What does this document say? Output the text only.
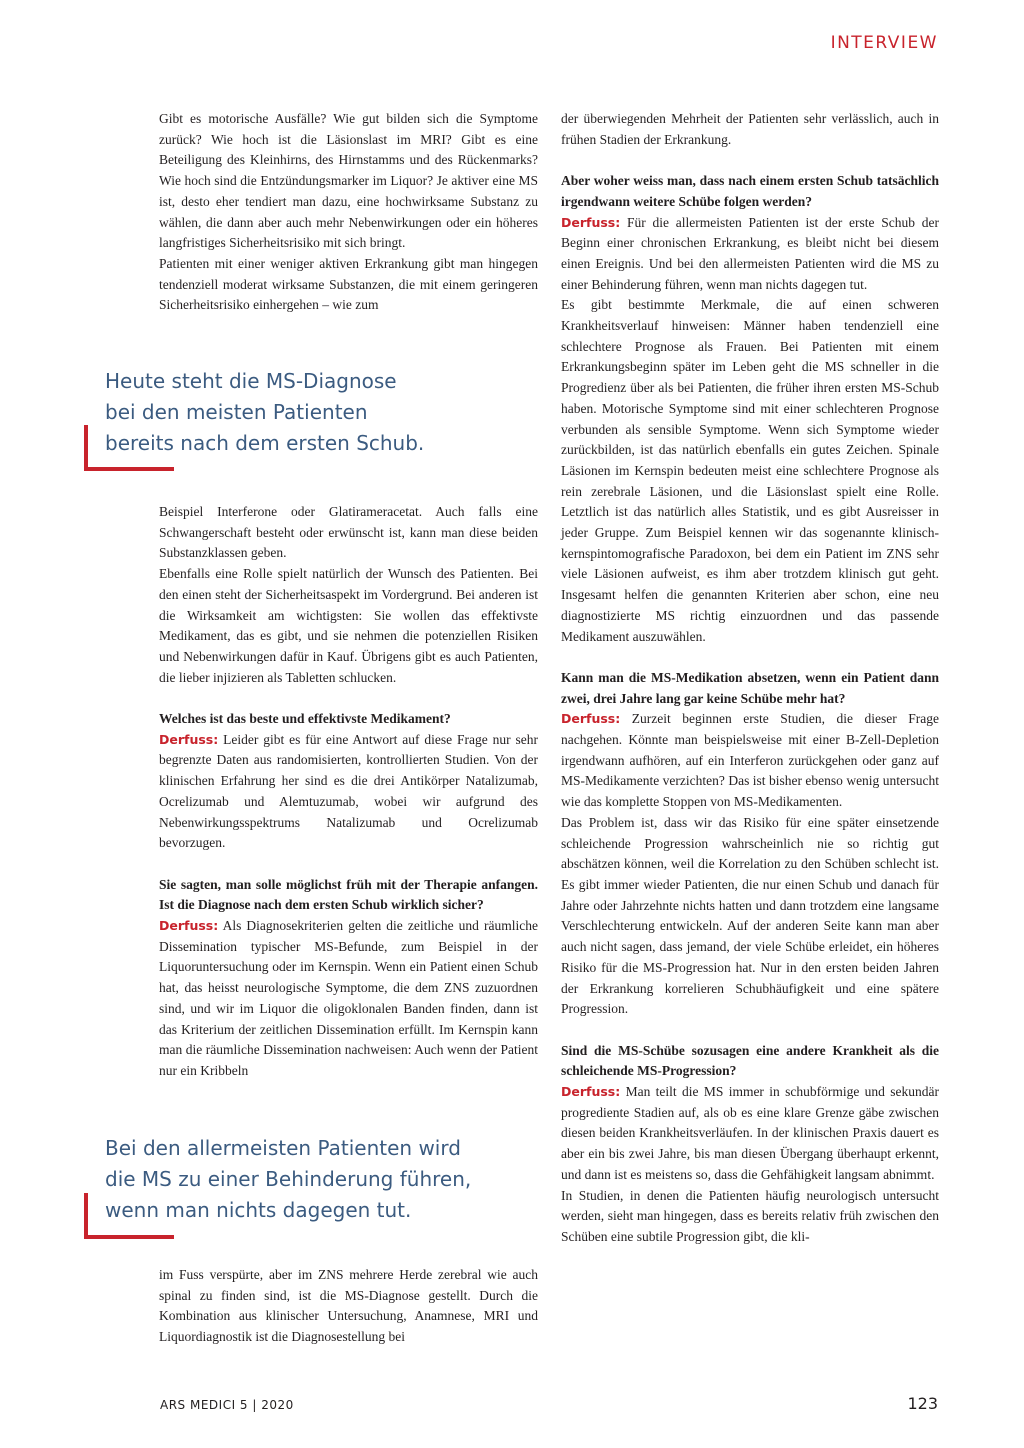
INTERVIEW

Gibt es motorische Ausfälle? Wie gut bilden sich die Symptome zurück? Wie hoch ist die Läsionslast im MRI? Gibt es eine Beteiligung des Kleinhirns, des Hirnstamms und des Rückenmarks? Wie hoch sind die Entzündungsmarker im Liquor? Je aktiver eine MS ist, desto eher tendiert man dazu, eine hochwirksame Substanz zu wählen, die dann aber auch mehr Nebenwirkungen oder ein höheres langfristiges Sicherheitsrisiko mit sich bringt.

Patienten mit einer weniger aktiven Erkrankung gibt man hingegen tendenziell moderat wirksame Substanzen, die mit einem geringeren Sicherheitsrisiko einhergehen – wie zum

Heute steht die MS-Diagnose
bei den meisten Patienten
bereits nach dem ersten Schub.

Beispiel Interferone oder Glatirameracetat. Auch falls eine Schwangerschaft besteht oder erwünscht ist, kann man diese beiden Substanzklassen geben.

Ebenfalls eine Rolle spielt natürlich der Wunsch des Patienten. Bei den einen steht der Sicherheitsaspekt im Vordergrund. Bei anderen ist die Wirksamkeit am wichtigsten: Sie wollen das effektivste Medikament, das es gibt, und sie nehmen die potenziellen Risiken und Nebenwirkungen dafür in Kauf. Übrigens gibt es auch Patienten, die lieber injizieren als Tabletten schlucken.

Welches ist das beste und effektivste Medikament?

Derfuss: Leider gibt es für eine Antwort auf diese Frage nur sehr begrenzte Daten aus randomisierten, kontrollierten Studien. Von der klinischen Erfahrung her sind es die drei Antikörper Natalizumab, Ocrelizumab und Alemtuzumab, wobei wir aufgrund des Nebenwirkungsspektrums Natalizumab und Ocrelizumab bevorzugen.

Sie sagten, man solle möglichst früh mit der Therapie anfangen. Ist die Diagnose nach dem ersten Schub wirklich sicher?

Derfuss: Als Diagnosekriterien gelten die zeitliche und räumliche Dissemination typischer MS-Befunde, zum Beispiel in der Liquoruntersuchung oder im Kernspin. Wenn ein Patient einen Schub hat, das heisst neurologische Symptome, die dem ZNS zuzuordnen sind, und wir im Liquor die oligoklonalen Banden finden, dann ist das Kriterium der zeitlichen Dissemination erfüllt. Im Kernspin kann man die räumliche Dissemination nachweisen: Auch wenn der Patient nur ein Kribbeln

Bei den allermeisten Patienten wird
die MS zu einer Behinderung führen,
wenn man nichts dagegen tut.

im Fuss verspürte, aber im ZNS mehrere Herde zerebral wie auch spinal zu finden sind, ist die MS-Diagnose gestellt. Durch die Kombination aus klinischer Untersuchung, Anamnese, MRI und Liquordiagnostik ist die Diagnosestellung bei

der überwiegenden Mehrheit der Patienten sehr verlässlich, auch in frühen Stadien der Erkrankung.

Aber woher weiss man, dass nach einem ersten Schub tatsächlich irgendwann weitere Schübe folgen werden?

Derfuss: Für die allermeisten Patienten ist der erste Schub der Beginn einer chronischen Erkrankung, es bleibt nicht bei diesem einen Ereignis. Und bei den allermeisten Patienten wird die MS zu einer Behinderung führen, wenn man nichts dagegen tut.

Es gibt bestimmte Merkmale, die auf einen schweren Krankheitsverlauf hinweisen: Männer haben tendenziell eine schlechtere Prognose als Frauen. Bei Patienten mit einem Erkrankungsbeginn später im Leben geht die MS schneller in die Progredienz über als bei Patienten, die früher ihren ersten MS-Schub haben. Motorische Symptome sind mit einer schlechteren Prognose verbunden als sensible Symptome. Wenn sich Symptome wieder zurückbilden, ist das natürlich ebenfalls ein gutes Zeichen. Spinale Läsionen im Kernspin bedeuten meist eine schlechtere Prognose als rein zerebrale Läsionen, und die Läsionslast spielt eine Rolle. Letztlich ist das natürlich alles Statistik, und es gibt Ausreisser in jeder Gruppe. Zum Beispiel kennen wir das sogenannte klinisch-kernspintomografische Paradoxon, bei dem ein Patient im ZNS sehr viele Läsionen aufweist, es ihm aber trotzdem klinisch gut geht. Insgesamt helfen die genannten Kriterien aber schon, eine neu diagnostizierte MS richtig einzuordnen und das passende Medikament auszuwählen.

Kann man die MS-Medikation absetzen, wenn ein Patient dann zwei, drei Jahre lang gar keine Schübe mehr hat?

Derfuss: Zurzeit beginnen erste Studien, die dieser Frage nachgehen. Könnte man beispielsweise mit einer B-Zell-Depletion irgendwann aufhören, auf ein Interferon zurückgehen oder ganz auf MS-Medikamente verzichten? Das ist bisher ebenso wenig untersucht wie das komplette Stoppen von MS-Medikamenten.

Das Problem ist, dass wir das Risiko für eine später einsetzende schleichende Progression wahrscheinlich nie so richtig gut abschätzen können, weil die Korrelation zu den Schüben schlecht ist. Es gibt immer wieder Patienten, die nur einen Schub und danach für Jahre oder Jahrzehnte nichts hatten und dann trotzdem eine langsame Verschlechterung entwickeln. Auf der anderen Seite kann man aber auch nicht sagen, dass jemand, der viele Schübe erleidet, ein höheres Risiko für die MS-Progression hat. Nur in den ersten beiden Jahren der Erkrankung korrelieren Schubhäufigkeit und eine spätere Progression.

Sind die MS-Schübe sozusagen eine andere Krankheit als die schleichende MS-Progression?

Derfuss: Man teilt die MS immer in schubförmige und sekundär progrediente Stadien auf, als ob es eine klare Grenze gäbe zwischen diesen beiden Krankheitsverläufen. In der klinischen Praxis dauert es aber ein bis zwei Jahre, bis man diesen Übergang überhaupt erkennt, und dann ist es meistens so, dass die Gehfähigkeit langsam abnimmt.

In Studien, in denen die Patienten häufig neurologisch untersucht werden, sieht man hingegen, dass es bereits relativ früh zwischen den Schüben eine subtile Progression gibt, die kli-

ARS MEDICI 5 | 2020	123
